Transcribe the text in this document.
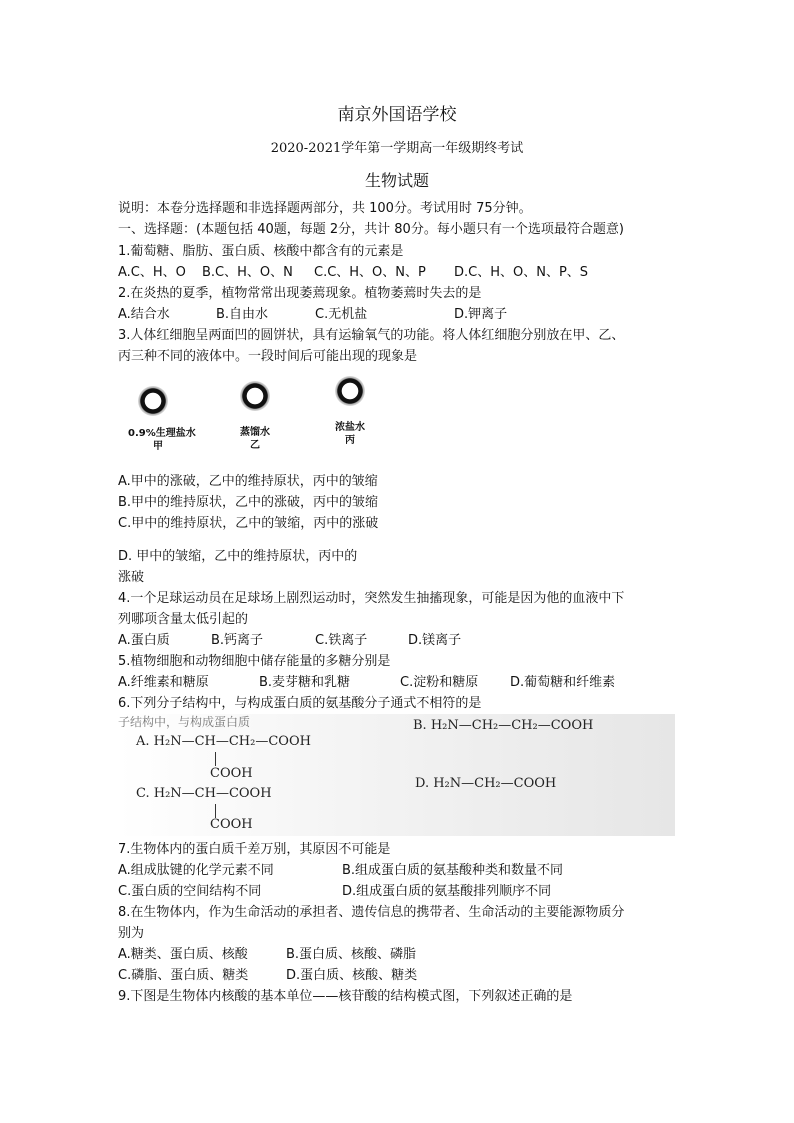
南京外国语学校
2020-2021学年第一学期高一年级期终考试
生物试题
说明：本卷分选择题和非选择题两部分，共 100分。考试用时 75分钟。
一、选择题：(本题包括 40题，每题 2分，共计 80分。每小题只有一个选项最符合题意)
1.葡萄糖、脂肪、蛋白质、核酸中都含有的元素是
A.C、H、O B.C、H、O、N C.C、H、O、N、P D.C、H、O、N、P、S
2.在炎热的夏季，植物常常出现萎蔫现象。植物萎蔫时失去的是
A.结合水	B.自由水	C.无机盐	D.钾离子
3.人体红细胞呈两面凹的圆饼状，具有运输氧气的功能。将人体红细胞分别放在甲、乙、
丙三种不同的液体中。一段时间后可能出现的现象是
0.9%生理盐水
甲
蒸馏水
乙
浓盐水
丙
A.甲中的涨破，乙中的维持原状，丙中的皱缩
B.甲中的维持原状，乙中的涨破，丙中的皱缩
C.甲中的维持原状，乙中的皱缩，丙中的涨破
D. 甲中的皱缩，乙中的维持原状，丙中的
涨破
4.一个足球运动员在足球场上剧烈运动时，突然发生抽搐现象，可能是因为他的血液中下
列哪项含量太低引起的
A.蛋白质	B.钙离子	C.铁离子	D.镁离子
5.植物细胞和动物细胞中储存能量的多糖分别是
A.纤维素和糖原	B.麦芽糖和乳糖	C.淀粉和糖原 D.葡萄糖和纤维素
6.下列分子结构中，与构成蛋白质的氨基酸分子通式不相符的是
子结构中，与构成蛋白质
A. H₂N—CH—CH₂—COOH
COOH
C. H₂N—CH—COOH
COOH
B. H₂N—CH₂—CH₂—COOH
D. H₂N—CH₂—COOH
7.生物体内的蛋白质千差万别，其原因不可能是
A.组成肽键的化学元素不同	B.组成蛋白质的氨基酸种类和数量不同
C.蛋白质的空间结构不同	D.组成蛋白质的氨基酸排列顺序不同
8.在生物体内，作为生命活动的承担者、遗传信息的携带者、生命活动的主要能源物质分
别为
A.糖类、蛋白质、核酸	B.蛋白质、核酸、磷脂
C.磷脂、蛋白质、糖类	D.蛋白质、核酸、糖类
9.下图是生物体内核酸的基本单位——核苷酸的结构模式图，下列叙述正确的是
